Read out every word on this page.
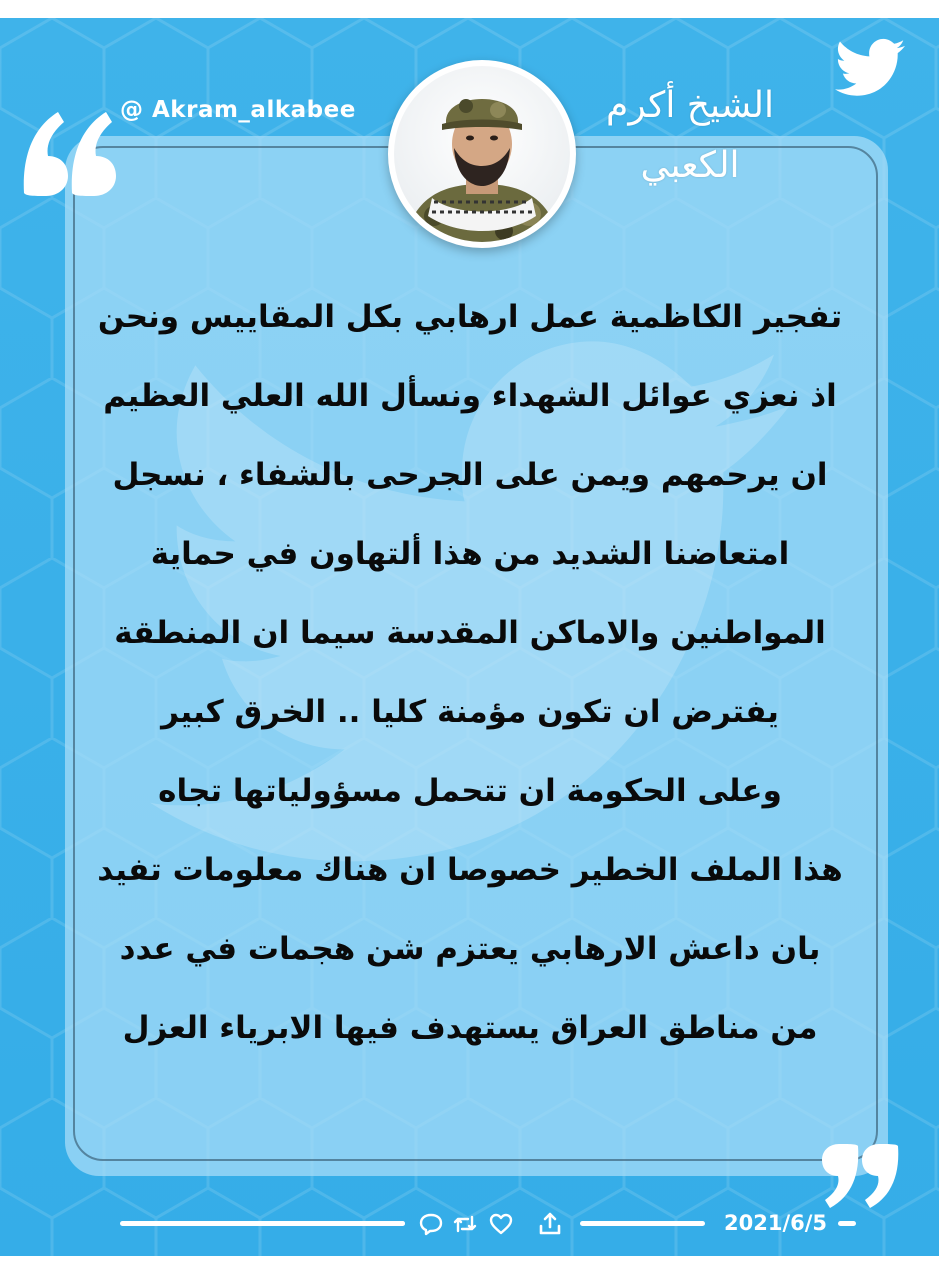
@ Akram_alkabee	الشيخ أكرم الكعبي
تفجير الكاظمية عمل ارهابي بكل المقاييس ونحن
اذ نعزي عوائل الشهداء ونسأل الله العلي العظيم
ان يرحمهم ويمن على الجرحى بالشفاء ، نسجل
امتعاضنا الشديد من هذا ألتهاون في حماية
المواطنين والاماكن المقدسة سيما ان المنطقة
يفترض ان تكون مؤمنة كليا .. الخرق كبير
وعلى الحكومة ان تتحمل مسؤولياتها تجاه
هذا الملف الخطير خصوصا ان هناك معلومات تفيد
بان داعش الارهابي يعتزم شن هجمات في عدد
من مناطق العراق يستهدف فيها الابرياء العزل
2021/6/5
